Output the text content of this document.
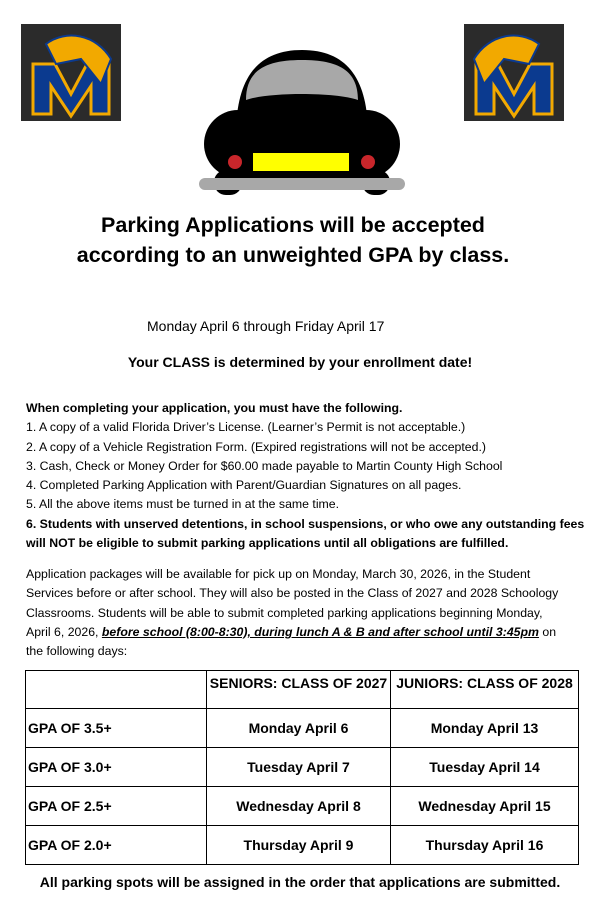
Parking Applications will be accepted according to an unweighted GPA by class.
Monday April 6 through Friday April 17
Your CLASS is determined by your enrollment date!
When completing your application, you must have the following.
1. A copy of a valid Florida Driver’s License. (Learner’s Permit is not acceptable.)
2. A copy of a Vehicle Registration Form. (Expired registrations will not be accepted.)
3. Cash, Check or Money Order for $60.00 made payable to Martin County High School
4. Completed Parking Application with Parent/Guardian Signatures on all pages.
5. All the above items must be turned in at the same time.
6. Students with unserved detentions, in school suspensions, or who owe any outstanding fees will NOT be eligible to submit parking applications until all obligations are fulfilled.
Application packages will be available for pick up on Monday, March 30, 2026, in the Student Services before or after school. They will also be posted in the Class of 2027 and 2028 Schoology Classrooms. Students will be able to submit completed parking applications beginning Monday, April 6, 2026, before school (8:00-8:30), during lunch A & B and after school until 3:45pm on the following days:
	SENIORS: CLASS OF 2027	JUNIORS: CLASS OF 2028
GPA OF 3.5+	Monday April 6	Monday April 13
GPA OF 3.0+	Tuesday April 7	Tuesday April 14
GPA OF 2.5+	Wednesday April 8	Wednesday April 15
GPA OF 2.0+	Thursday April 9	Thursday April 16
All parking spots will be assigned in the order that applications are submitted.
